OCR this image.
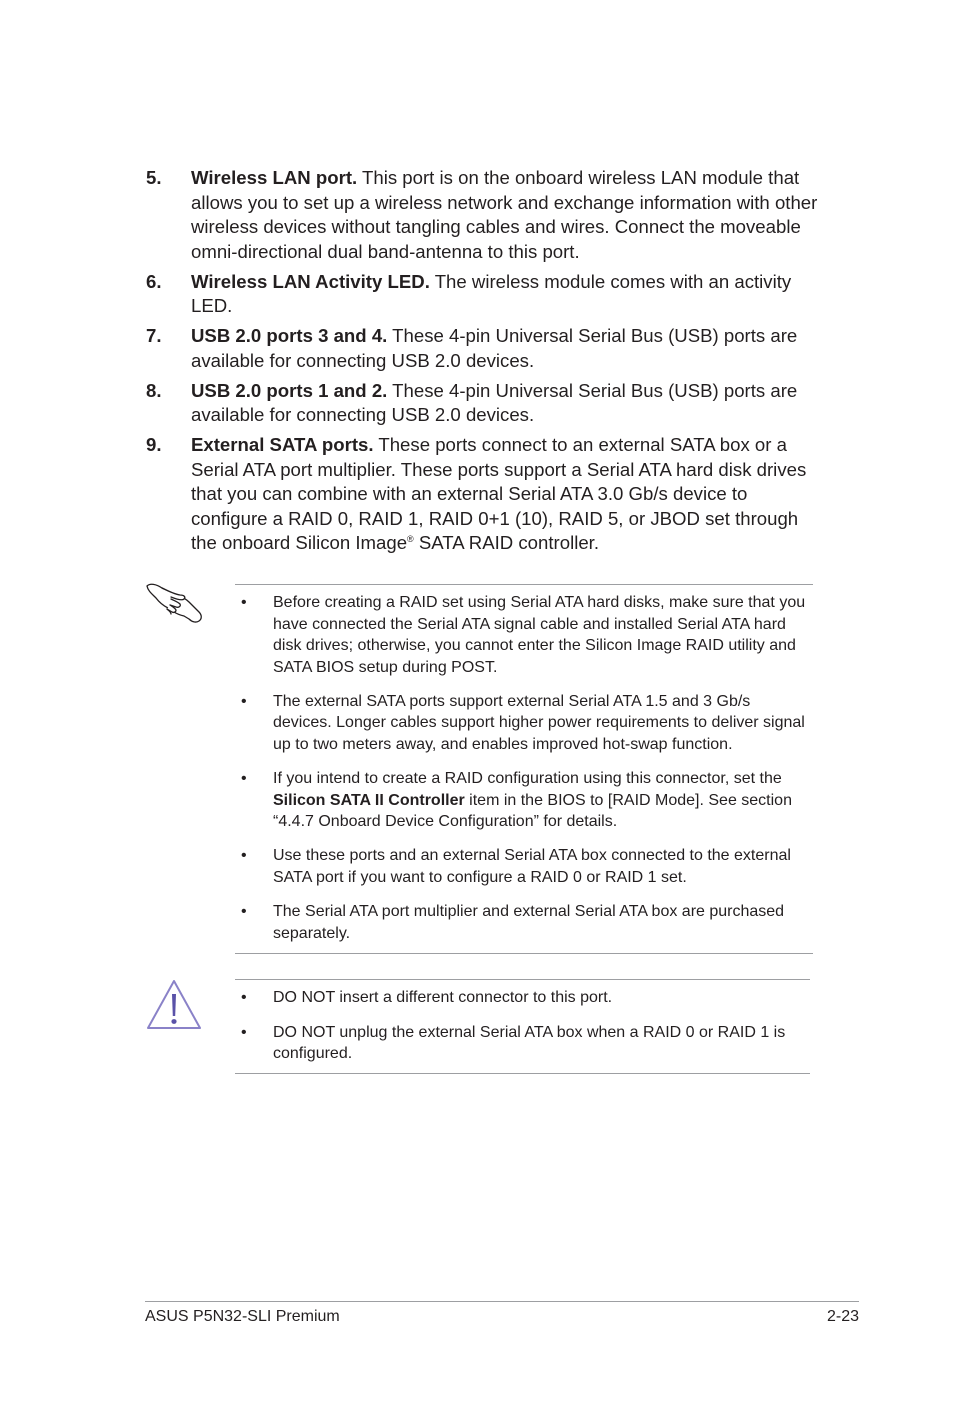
5. Wireless LAN port. This port is on the onboard wireless LAN module that allows you to set up a wireless network and exchange information with other wireless devices without tangling cables and wires. Connect the moveable omni-directional dual band-antenna to this port.
6. Wireless LAN Activity LED. The wireless module comes with an activity LED.
7. USB 2.0 ports 3 and 4. These 4-pin Universal Serial Bus (USB) ports are available for connecting USB 2.0 devices.
8. USB 2.0 ports 1 and 2. These 4-pin Universal Serial Bus (USB) ports are available for connecting USB 2.0 devices.
9. External SATA ports. These ports connect to an external SATA box or a Serial ATA port multiplier. These ports support a Serial ATA hard disk drives that you can combine with an external Serial ATA 3.0 Gb/s device to configure a RAID 0, RAID 1, RAID 0+1 (10), RAID 5, or JBOD set through the onboard Silicon Image® SATA RAID controller.
• Before creating a RAID set using Serial ATA hard disks, make sure that you have connected the Serial ATA signal cable and installed Serial ATA hard disk drives; otherwise, you cannot enter the Silicon Image RAID utility and SATA BIOS setup during POST.
• The external SATA ports support external Serial ATA 1.5 and 3 Gb/s devices. Longer cables support higher power requirements to deliver signal up to two meters away, and enables improved hot-swap function.
• If you intend to create a RAID configuration using this connector, set the Silicon SATA II Controller item in the BIOS to [RAID Mode]. See section “4.4.7 Onboard Device Configuration” for details.
• Use these ports and an external Serial ATA box connected to the external SATA port if you want to configure a RAID 0 or RAID 1 set.
• The Serial ATA port multiplier and external Serial ATA box are purchased separately.
• DO NOT insert a different connector to this port.
• DO NOT unplug the external Serial ATA box when a RAID 0 or RAID 1 is configured.
ASUS P5N32-SLI Premium	2-23
